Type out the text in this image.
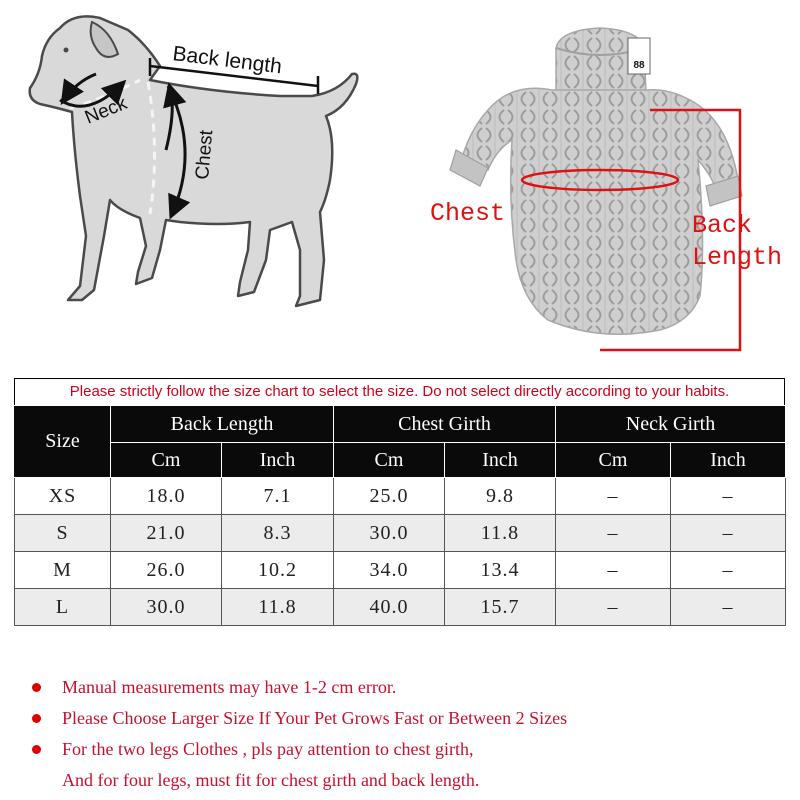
Back length
Neck
Chest
88
Chest	Back
Length
Please strictly follow the size chart to select the size. Do not select directly according to your habits.
Size	Back Length		Chest Girth		Neck Girth	
	Cm	Inch	Cm	Inch	Cm	Inch
XS	18.0	7.1	25.0	9.8	–	–
S	21.0	8.3	30.0	11.8	–	–
M	26.0	10.2	34.0	13.4	–	–
L	30.0	11.8	40.0	15.7	–	–
Manual measurements may have 1-2 cm error.
Please Choose Larger Size If Your Pet Grows Fast or Between 2 Sizes
For the two legs Clothes , pls pay attention to chest girth,
And for four legs, must fit for chest girth and back length.
